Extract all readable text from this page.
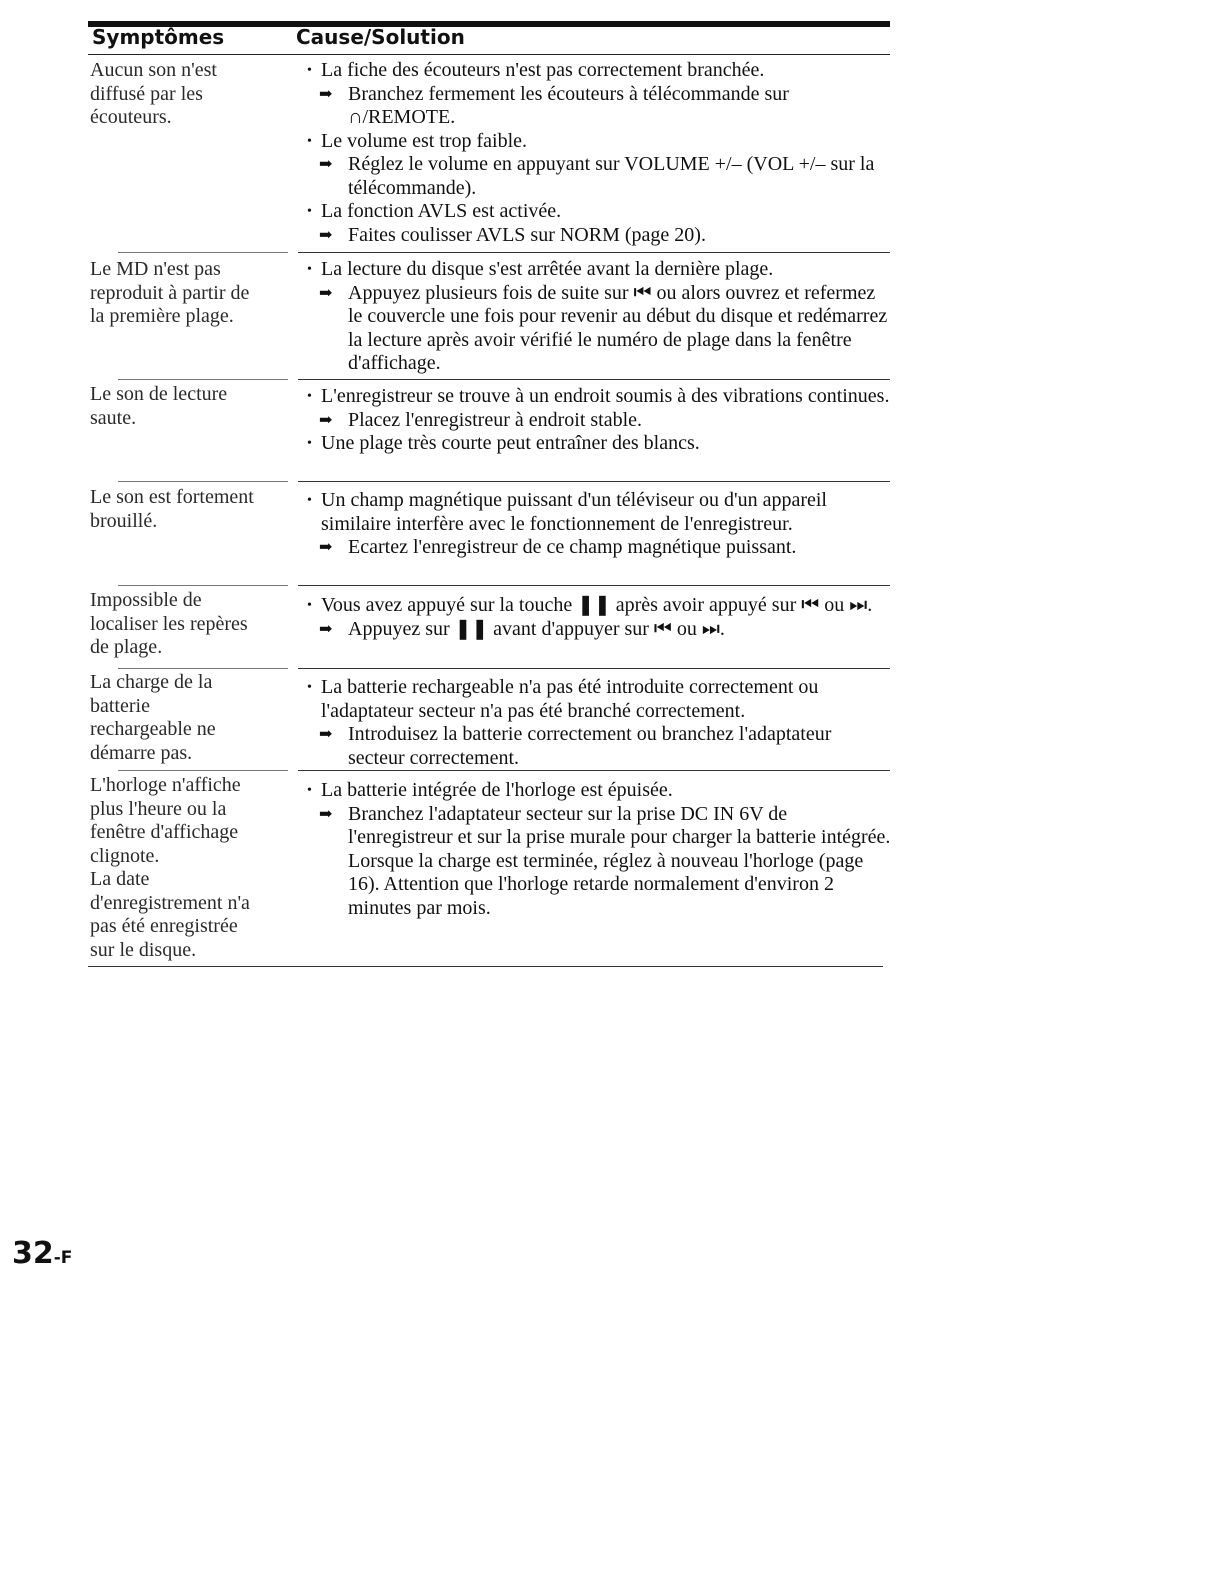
Symptômes	Cause/Solution
Aucun son n'est
diffusé par les
écouteurs.
• La fiche des écouteurs n'est pas correctement branchée.
➡ Branchez fermement les écouteurs à télécommande sur ∩/REMOTE.
• Le volume est trop faible.
➡ Réglez le volume en appuyant sur VOLUME +/– (VOL +/– sur la télécommande).
• La fonction AVLS est activée.
➡ Faites coulisser AVLS sur NORM (page 20).
Le MD n'est pas
reproduit à partir de
la première plage.
• La lecture du disque s'est arrêtée avant la dernière plage.
➡ Appuyez plusieurs fois de suite sur ⏮ ou alors ouvrez et refermez le couvercle une fois pour revenir au début du disque et redémarrez la lecture après avoir vérifié le numéro de plage dans la fenêtre d'affichage.
Le son de lecture
saute.
• L'enregistreur se trouve à un endroit soumis à des vibrations continues.
➡ Placez l'enregistreur à endroit stable.
• Une plage très courte peut entraîner des blancs.
Le son est fortement
brouillé.
• Un champ magnétique puissant d'un téléviseur ou d'un appareil similaire interfère avec le fonctionnement de l'enregistreur.
➡ Ecartez l'enregistreur de ce champ magnétique puissant.
Impossible de
localiser les repères
de plage.
• Vous avez appuyé sur la touche ❚❚ après avoir appuyé sur ⏮ ou ⏭.
➡ Appuyez sur ❚❚ avant d'appuyer sur ⏮ ou ⏭.
La charge de la
batterie
rechargeable ne
démarre pas.
• La batterie rechargeable n'a pas été introduite correctement ou l'adaptateur secteur n'a pas été branché correctement.
➡ Introduisez la batterie correctement ou branchez l'adaptateur secteur correctement.
L'horloge n'affiche
plus l'heure ou la
fenêtre d'affichage
clignote.
La date
d'enregistrement n'a
pas été enregistrée
sur le disque.
• La batterie intégrée de l'horloge est épuisée.
➡ Branchez l'adaptateur secteur sur la prise DC IN 6V de l'enregistreur et sur la prise murale pour charger la batterie intégrée. Lorsque la charge est terminée, réglez à nouveau l'horloge (page 16). Attention que l'horloge retarde normalement d'environ 2 minutes par mois.
32-F
